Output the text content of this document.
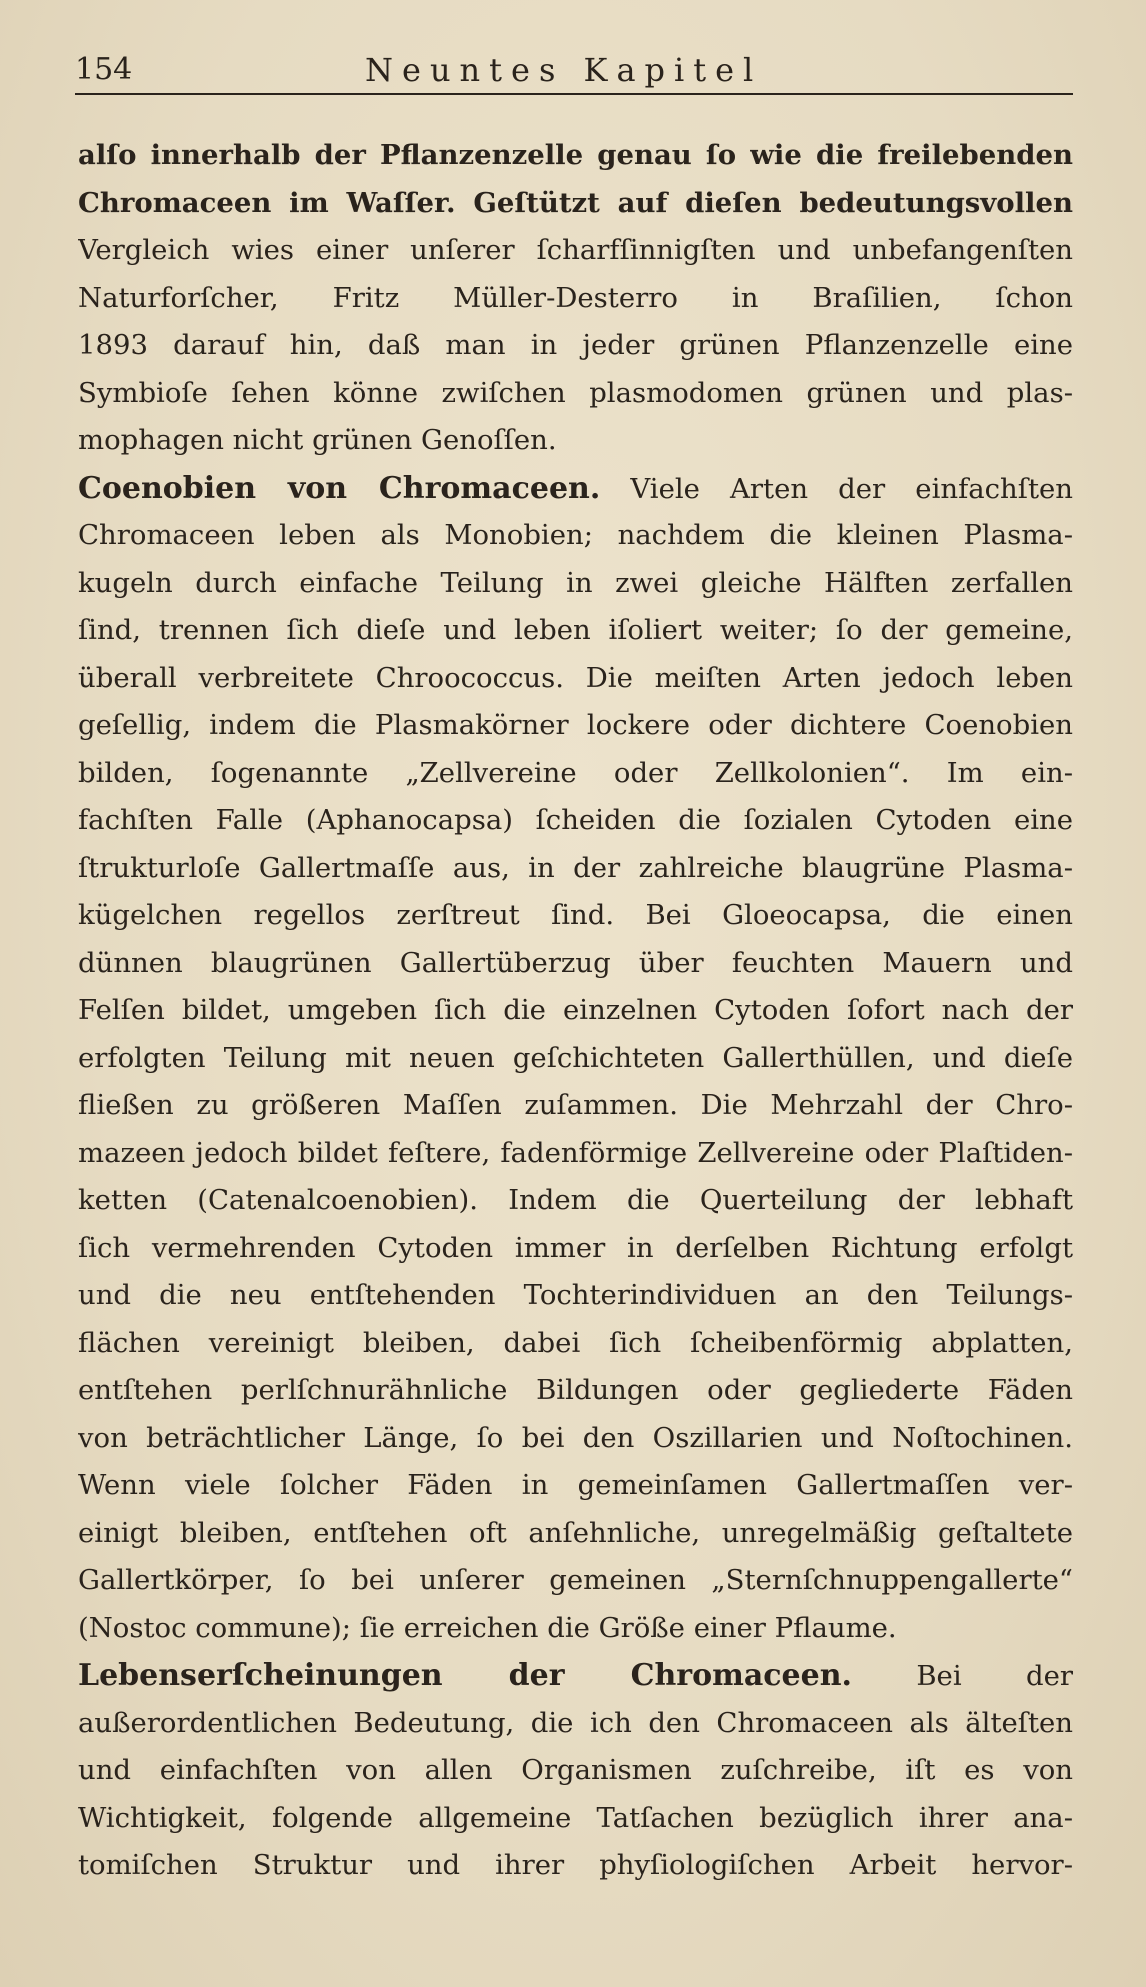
154	Neuntes Kapitel
alſo innerhalb der Pflanzenzelle genau ſo wie die freilebenden
Chromaceen im Waſſer. Geſtützt auf dieſen bedeutungsvollen
Vergleich wies einer unſerer ſcharfſinnigſten und unbefangenſten
Naturforſcher, Fritz Müller-Desterro in Braſilien, ſchon
1893 darauf hin, daß man in jeder grünen Pflanzenzelle eine
Symbioſe ſehen könne zwiſchen plasmodomen grünen und plas-
mophagen nicht grünen Genoſſen.
Coenobien von Chromaceen. Viele Arten der einfachſten
Chromaceen leben als Monobien; nachdem die kleinen Plasma-
kugeln durch einfache Teilung in zwei gleiche Hälften zerfallen
ſind, trennen ſich dieſe und leben iſoliert weiter; ſo der gemeine,
überall verbreitete Chroococcus. Die meiſten Arten jedoch leben
geſellig, indem die Plasmakörner lockere oder dichtere Coenobien
bilden, ſogenannte „Zellvereine oder Zellkolonien“. Im ein-
fachſten Falle (Aphanocapsa) ſcheiden die ſozialen Cytoden eine
ſtrukturloſe Gallertmaſſe aus, in der zahlreiche blaugrüne Plasma-
kügelchen regellos zerſtreut ſind. Bei Gloeocapsa, die einen
dünnen blaugrünen Gallertüberzug über feuchten Mauern und
Felſen bildet, umgeben ſich die einzelnen Cytoden ſofort nach der
erfolgten Teilung mit neuen geſchichteten Gallerthüllen, und dieſe
fließen zu größeren Maſſen zuſammen. Die Mehrzahl der Chro-
mazeen jedoch bildet feſtere, fadenförmige Zellvereine oder Plaſtiden-
ketten (Catenalcoenobien). Indem die Querteilung der lebhaft
ſich vermehrenden Cytoden immer in derſelben Richtung erfolgt
und die neu entſtehenden Tochterindividuen an den Teilungs-
flächen vereinigt bleiben, dabei ſich ſcheibenförmig abplatten,
entſtehen perlſchnurähnliche Bildungen oder gegliederte Fäden
von beträchtlicher Länge, ſo bei den Oszillarien und Noſtochinen.
Wenn viele ſolcher Fäden in gemeinſamen Gallertmaſſen ver-
einigt bleiben, entſtehen oft anſehnliche, unregelmäßig geſtaltete
Gallertkörper, ſo bei unſerer gemeinen „Sternſchnuppengallerte“
(Nostoc commune); ſie erreichen die Größe einer Pflaume.
Lebenserſcheinungen der Chromaceen. Bei der
außerordentlichen Bedeutung, die ich den Chromaceen als älteſten
und einfachſten von allen Organismen zuſchreibe, iſt es von
Wichtigkeit, folgende allgemeine Tatſachen bezüglich ihrer ana-
tomiſchen Struktur und ihrer phyſiologiſchen Arbeit hervor-
